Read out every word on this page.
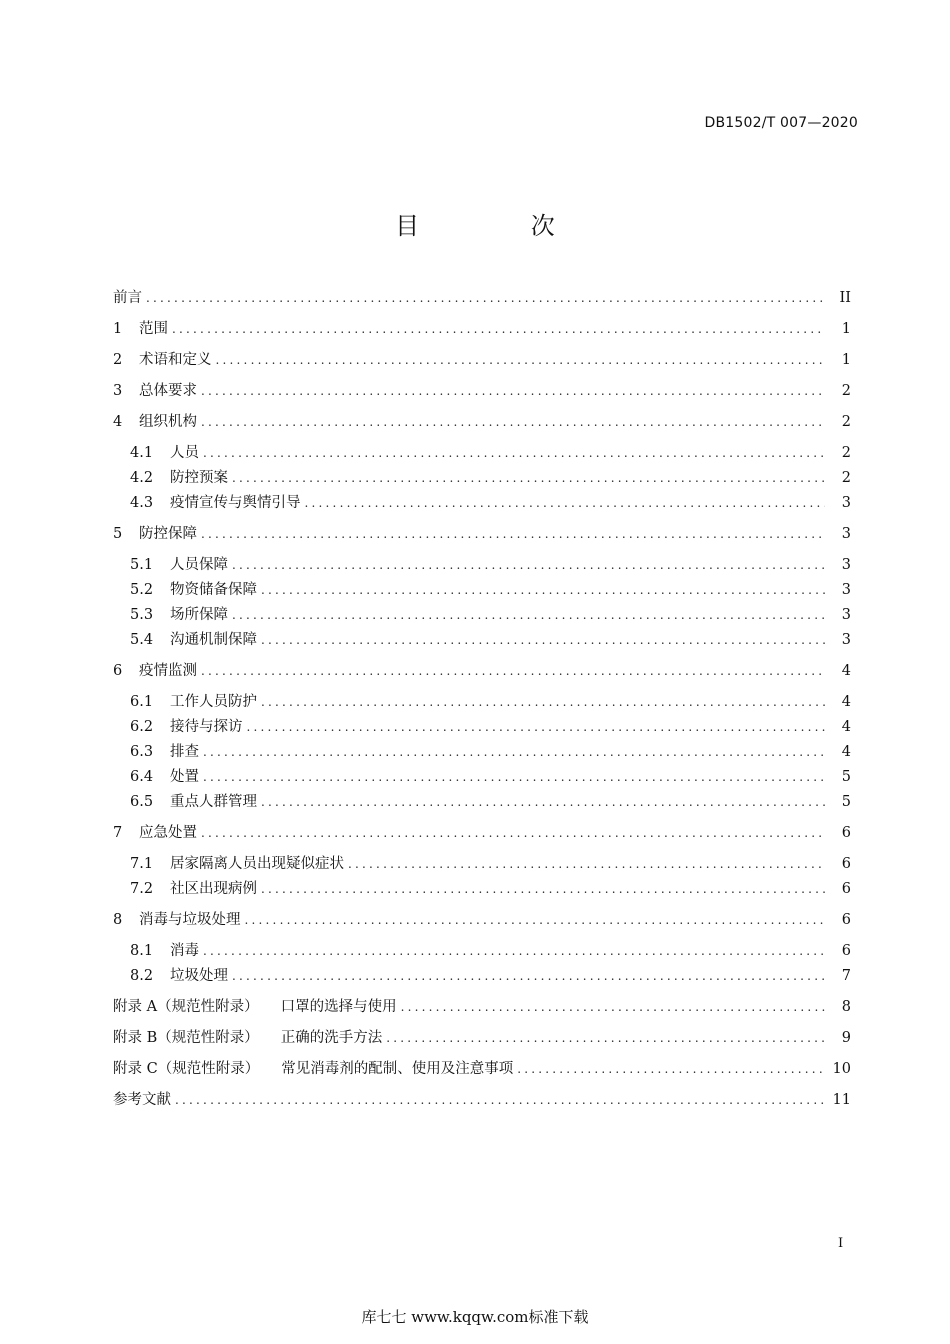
DB1502/T 007—2020
目 次
前言 .....	II
1	范围 .....	1
2	术语和定义 .....	1
3	总体要求 .....	2
4	组织机构 .....	2
4.1	人员 .....	2
4.2	防控预案 .....	2
4.3	疫情宣传与舆情引导 .....	3
5	防控保障 .....	3
5.1	人员保障 .....	3
5.2	物资储备保障 .....	3
5.3	场所保障 .....	3
5.4	沟通机制保障 .....	3
6	疫情监测 .....	4
6.1	工作人员防护 .....	4
6.2	接待与探访 .....	4
6.3	排查 .....	4
6.4	处置 .....	5
6.5	重点人群管理 .....	5
7	应急处置 .....	6
7.1	居家隔离人员出现疑似症状 .....	6
7.2	社区出现病例 .....	6
8	消毒与垃圾处理 .....	6
8.1	消毒 .....	6
8.2	垃圾处理 .....	7
附录 A（规范性附录） 口罩的选择与使用 .....	8
附录 B（规范性附录） 正确的洗手方法 .....	9
附录 C（规范性附录） 常见消毒剂的配制、使用及注意事项 .....	10
参考文献 .....	11
I
库七七 www.kqqw.com标准下载
